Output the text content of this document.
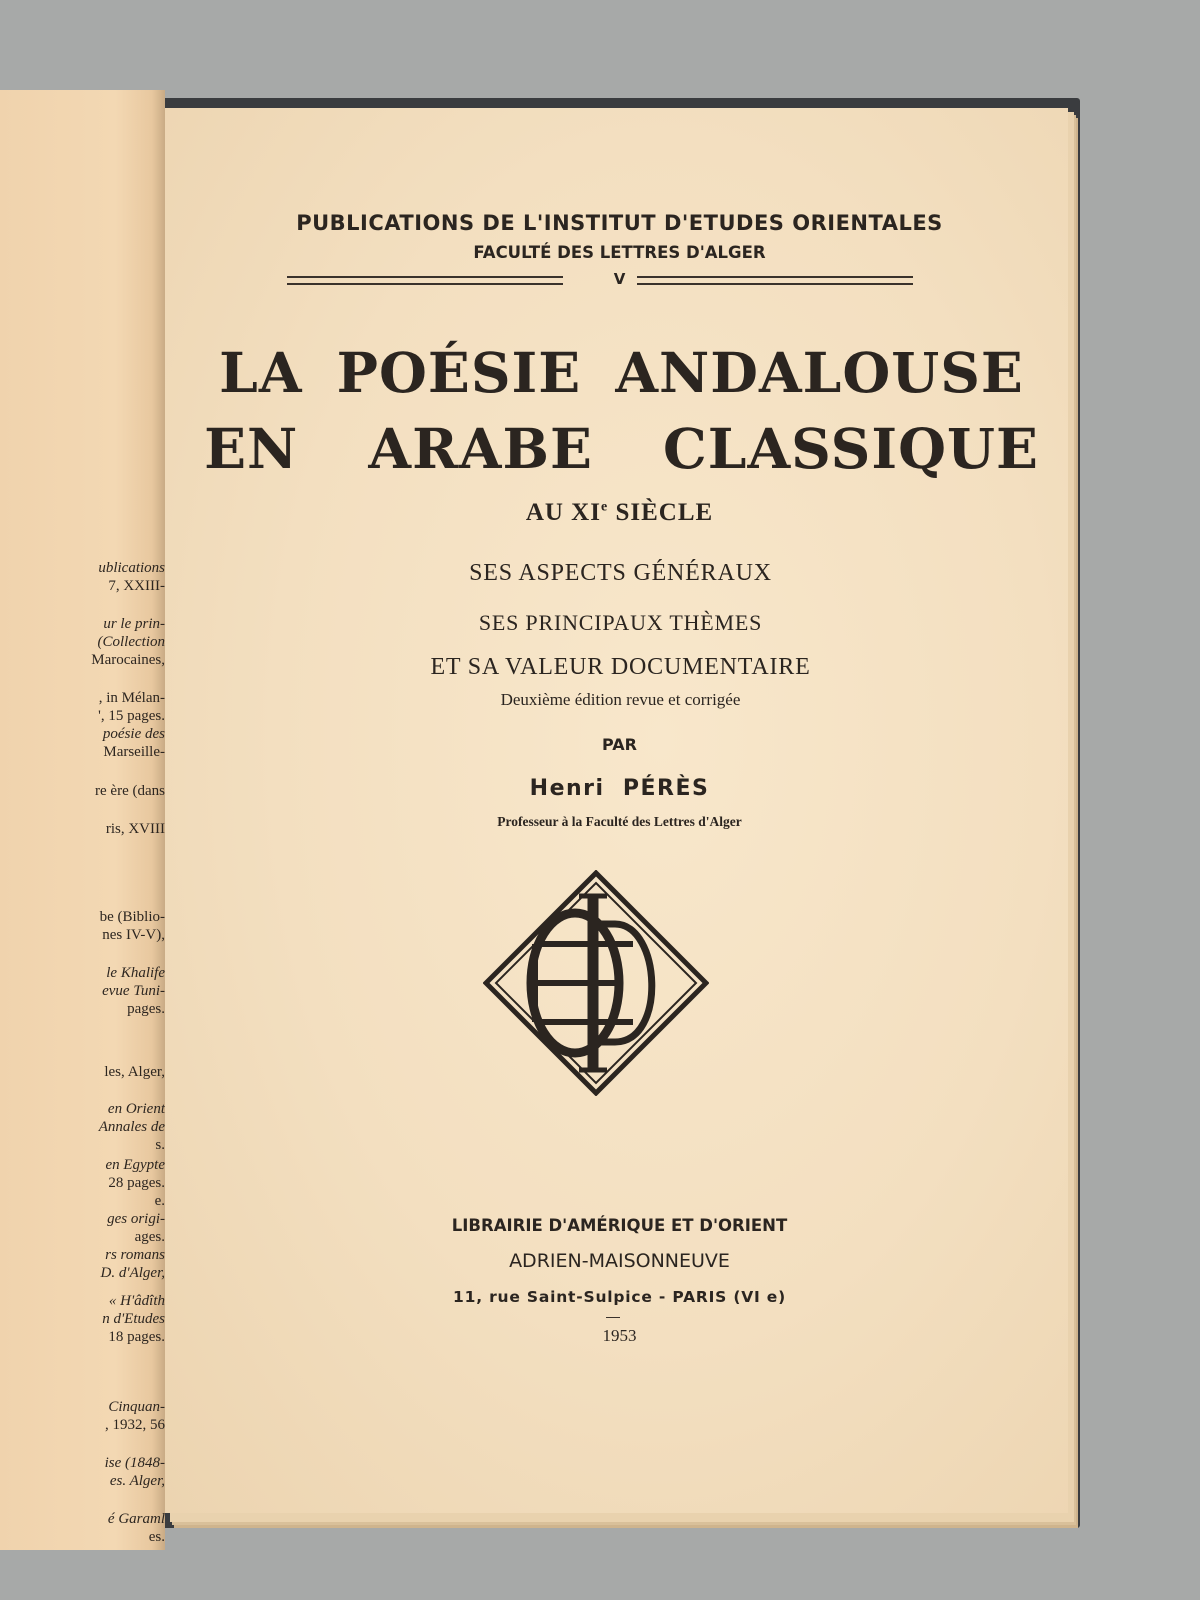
ublications
7, XXIII-
ur le prin-
(Collection
Marocaines,
, in Mélan-
', 15 pages.
poésie des
Marseille-
re ère (dans
ris, XVIII
be (Biblio-
nes IV-V),
le Khalife
evue Tuni-
pages.
les, Alger,
en Orient
Annales de
s.
en Egypte
28 pages.
e.
ges origi-
ages.
rs romans
D. d'Alger,
« H'âdîth
n d'Etudes
18 pages.
Cinquan-
, 1932, 56
ise (1848-
es. Alger,
é Garaml
es.
PUBLICATIONS DE L'INSTITUT D'ETUDES ORIENTALES
FACULTÉ DES LETTRES D'ALGER
V
LA POÉSIE ANDALOUSE
EN ARABE CLASSIQUE
AU XIe SIÈCLE
SES ASPECTS GÉNÉRAUX
SES PRINCIPAUX THÈMES
ET SA VALEUR DOCUMENTAIRE
Deuxième édition revue et corrigée
PAR
Henri PÉRÈS
Professeur à la Faculté des Lettres d'Alger
LIBRAIRIE D'AMÉRIQUE ET D'ORIENT
ADRIEN-MAISONNEUVE
11, rue Saint-Sulpice - PARIS (VI e)
1953
